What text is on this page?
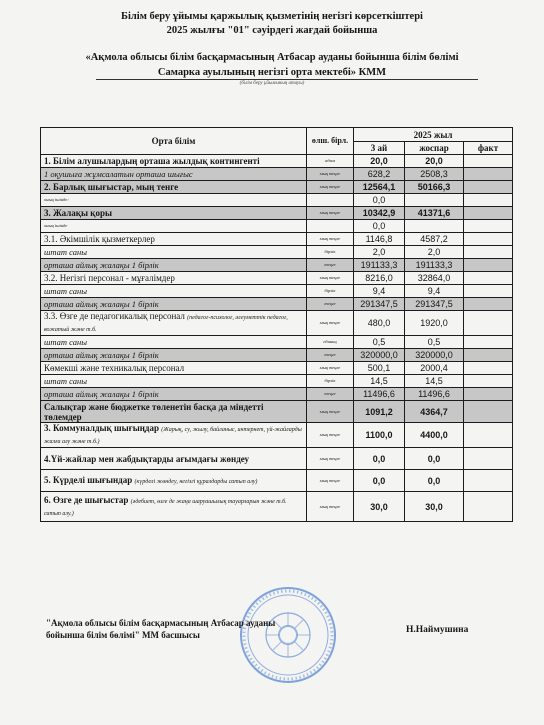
Білім беру ұйымы қаржылық қызметінің негізгі көрсеткіштері
2025 жылғы "01" сәуірдегі жағдай бойынша
«Ақмола облысы білім басқармасының Атбасар ауданы бойынша білім бөлімі
Самарка ауылының негізгі орта мектебі» КММ
(білім беру ұйымының атауы)
Орта білім	өлш. бірл.	2025 жыл		
		3 ай	жоспар	факт
1. Білім алушылардың орташа жылдық контингенті	адам	20,0	20,0	
1 оқушыға жұмсалатын орташа шығыс	мың теңге	628,2	2508,3	
2. Барлық шығыстар, мың тенге	мың теңге	12564,1	50166,3	
оның ішінде:		0,0		
3. Жалақы қоры	мың теңге	10342,9	41371,6	
оның ішінде		0,0		
3.1. Әкімшілік қызметкерлер	мың теңге	1146,8	4587,2	
штат саны	бірлік	2,0	2,0	
орташа айлық жалақы 1 бірлік	теңге	191133,3	191133,3	
3.2. Негізгі персонал - мұғалімдер	мың теңге	8216,0	32864,0	
штат саны	бірлік	9,4	9,4	
орташа айлық жалақы 1 бірлік	теңге	291347,5	291347,5	
3.3. Өзге де педагогикалық персонал (педагог-психолог, әлеуметтік педагог, вожатый және т.б.	мың теңге	480,0	1920,0	
штат саны	единиц	0,5	0,5	
орташа айлық жалақы 1 бірлік	теңге	320000,0	320000,0	
Көмекші және техникалық персонал	мың теңге	500,1	2000,4	
штат саны	бірлік	14,5	14,5	
орташа айлық жалақы 1 бірлік	теңге	11496,6	11496,6	
Салықтар және бюджетке төленетін басқа да міндетті төлемдер	мың теңге	1091,2	4364,7	
3. Коммуналдық шығыңдар (Жарық, су, жылу, байланыс, интернет, үй-жайларды жалға алу және т.б.)	мың теңге	1100,0	4400,0	
4.Үй-жайлар мен жабдықтарды ағымдағы жөндеу	мың теңге	0,0	0,0	
5. Күрделі шығындар (күрделі жөндеу, негізгі құралдарды сатып алу)	мың теңге	0,0	0,0	
6. Өзге де шығыстар (әдебиет, өзге де жаңа шаруашылық тауарларын және т.б. сатып алу.)	мың теңге	30,0	30,0	
"Ақмола облысы білім басқармасының Атбасар ауданы
бойынша білім бөлімі" ММ басшысы	Н.Наймушина
